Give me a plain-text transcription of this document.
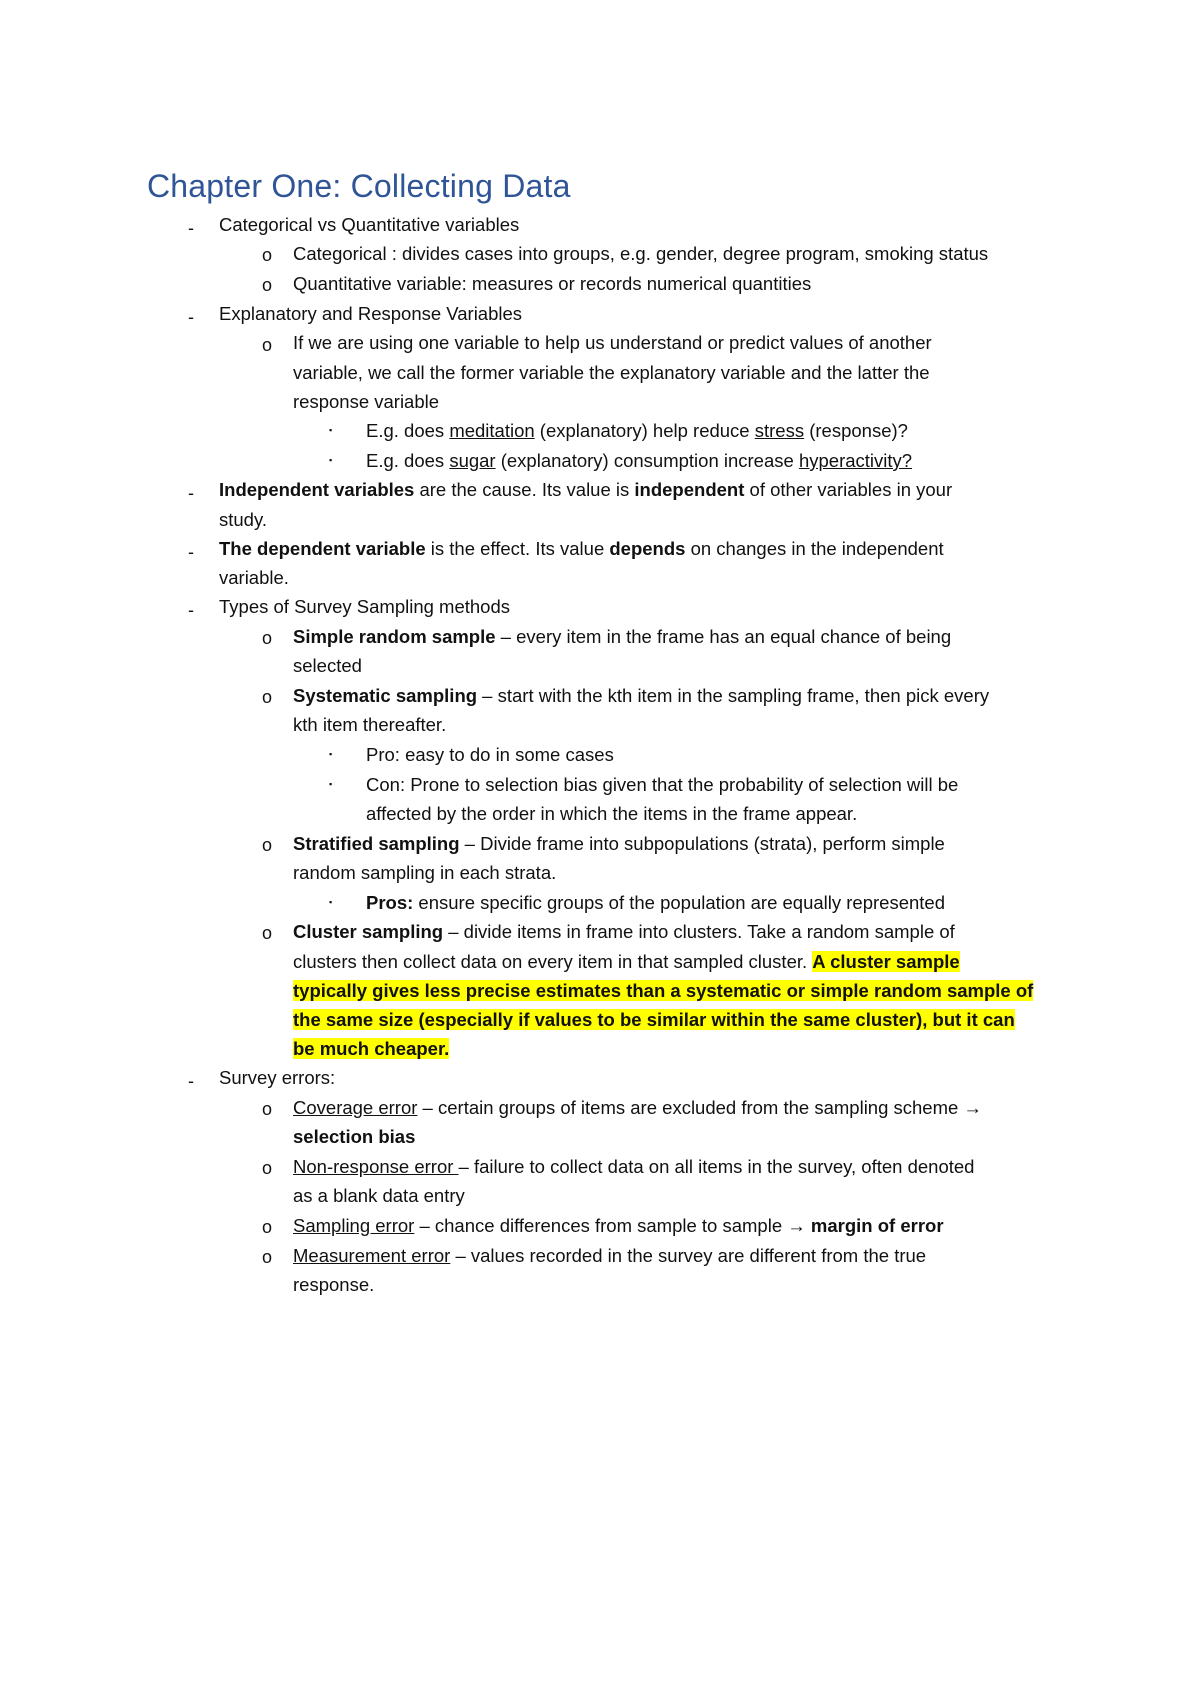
Chapter One: Collecting Data
- Categorical vs Quantitative variables
o Categorical : divides cases into groups, e.g. gender, degree program, smoking status
o Quantitative variable: measures or records numerical quantities
- Explanatory and Response Variables
o If we are using one variable to help us understand or predict values of another
variable, we call the former variable the explanatory variable and the latter the
response variable
▪ E.g. does meditation (explanatory) help reduce stress (response)?
▪ E.g. does sugar (explanatory) consumption increase hyperactivity?
- Independent variables are the cause. Its value is independent of other variables in your
study.
- The dependent variable is the effect. Its value depends on changes in the independent
variable.
- Types of Survey Sampling methods
o Simple random sample – every item in the frame has an equal chance of being
selected
o Systematic sampling – start with the kth item in the sampling frame, then pick every
kth item thereafter.
▪ Pro: easy to do in some cases
▪ Con: Prone to selection bias given that the probability of selection will be
affected by the order in which the items in the frame appear.
o Stratified sampling – Divide frame into subpopulations (strata), perform simple
random sampling in each strata.
▪ Pros: ensure specific groups of the population are equally represented
o Cluster sampling – divide items in frame into clusters. Take a random sample of
clusters then collect data on every item in that sampled cluster. A cluster sample
typically gives less precise estimates than a systematic or simple random sample of
the same size (especially if values to be similar within the same cluster), but it can
be much cheaper.
- Survey errors:
o Coverage error – certain groups of items are excluded from the sampling scheme →
selection bias
o Non-response error – failure to collect data on all items in the survey, often denoted
as a blank data entry
o Sampling error – chance differences from sample to sample → margin of error
o Measurement error – values recorded in the survey are different from the true
response.
